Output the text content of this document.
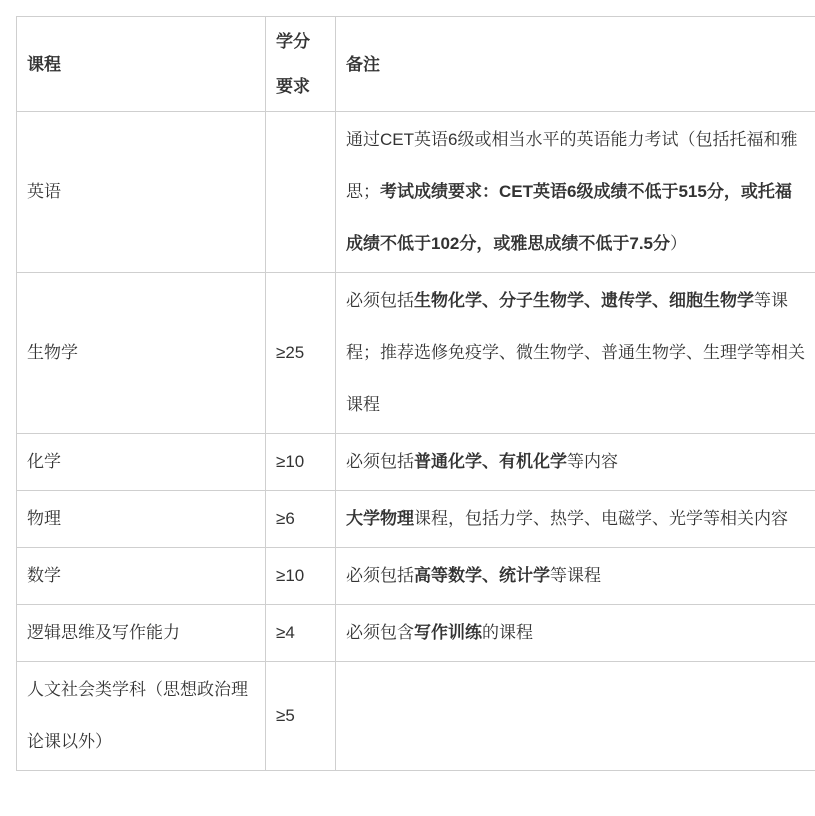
课程	学分要求	备注
英语		通过CET英语6级或相当水平的英语能力考试（包括托福和雅思；考试成绩要求：CET英语6级成绩不低于515分，或托福成绩不低于102分，或雅思成绩不低于7.5分）
生物学	≥25	必须包括生物化学、分子生物学、遗传学、细胞生物学等课程；推荐选修免疫学、微生物学、普通生物学、生理学等相关课程
化学	≥10	必须包括普通化学、有机化学等内容
物理	≥6	大学物理课程，包括力学、热学、电磁学、光学等相关内容
数学	≥10	必须包括高等数学、统计学等课程
逻辑思维及写作能力	≥4	必须包含写作训练的课程
人文社会类学科（思想政治理论课以外）	≥5	
